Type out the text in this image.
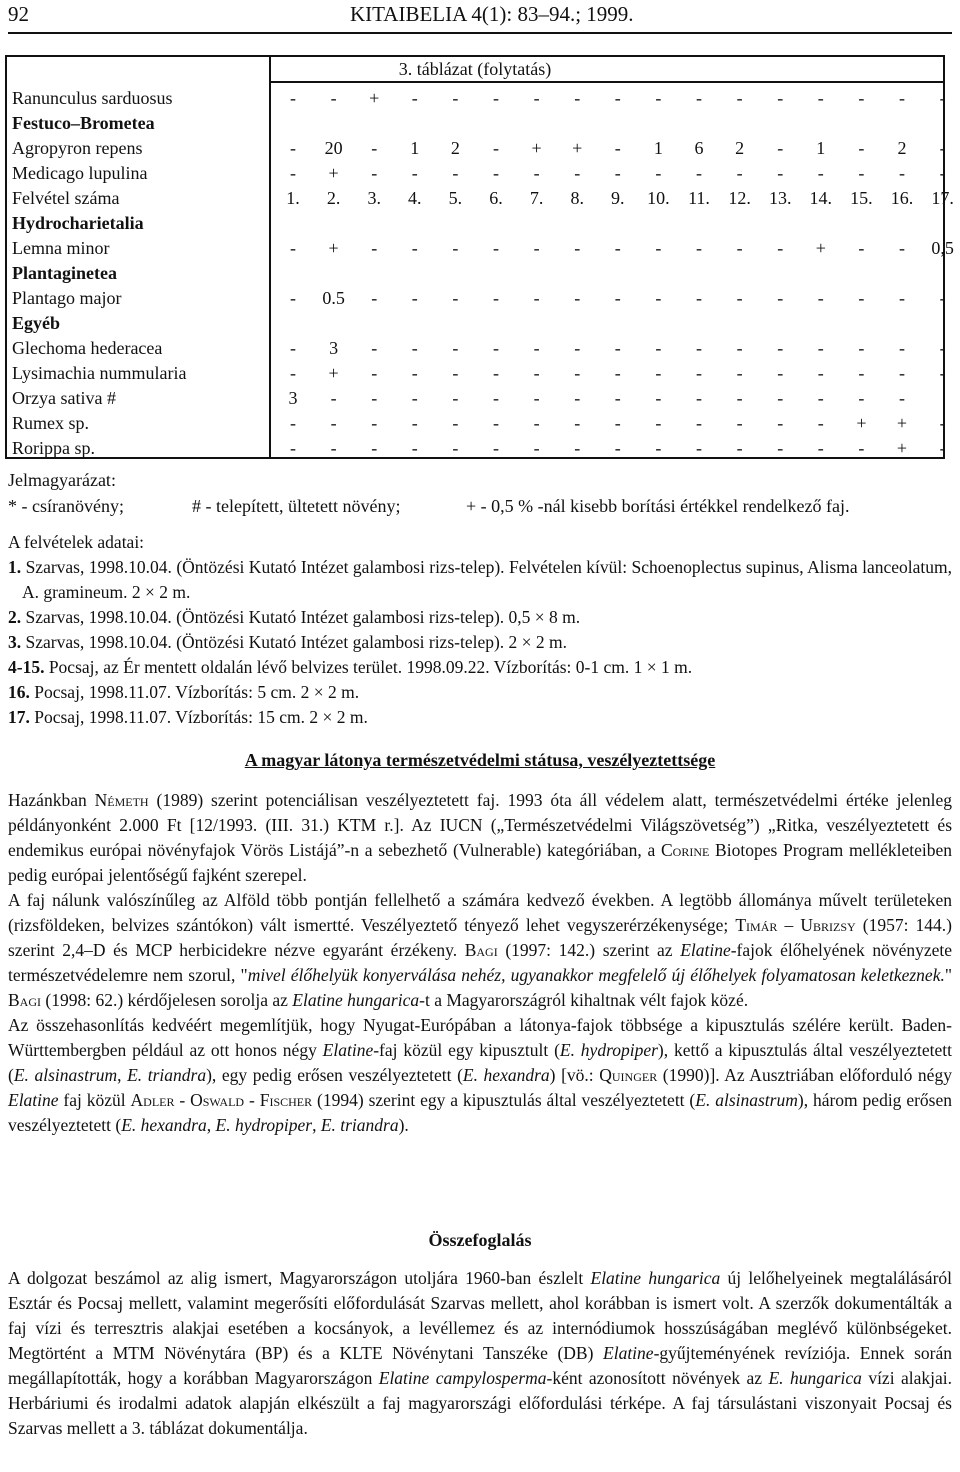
92	KITAIBELIA 4(1): 83–94.; 1999.
3. táblázat (folytatás)
Ranunculus sarduosus	-	-	+	-	-	-	-	-	-	-	-	-	-	-	-	-	-
Festuco–Brometea
Agropyron repens	-	20	-	1	2	-	+	+	-	1	6	2	-	1	-	2	-
Medicago lupulina	-	+	-	-	-	-	-	-	-	-	-	-	-	-	-	-	-
Felvétel száma	1.	2.	3.	4.	5.	6.	7.	8.	9.	10.	11.	12.	13.	14.	15.	16.	17.
Hydrocharietalia
Lemna minor	-	+	-	-	-	-	-	-	-	-	-	-	-	+	-	-	0,5
Plantaginetea
Plantago major	-	0.5	-	-	-	-	-	-	-	-	-	-	-	-	-	-	-
Egyéb
Glechoma hederacea	-	3	-	-	-	-	-	-	-	-	-	-	-	-	-	-	-
Lysimachia nummularia	-	+	-	-	-	-	-	-	-	-	-	-	-	-	-	-	-
Orzya sativa #	3	-	-	-	-	-	-	-	-	-	-	-	-	-	-	-
Rumex sp.	-	-	-	-	-	-	-	-	-	-	-	-	-	-	+	+	-
Rorippa sp.	-	-	-	-	-	-	-	-	-	-	-	-	-	-	-	+	-
Jelmagyarázat:
* - csíranövény;	# - telepített, ültetett növény;	+ - 0,5 % -nál kisebb borítási értékkel rendelkező faj.

A felvételek adatai:

1. Szarvas, 1998.10.04. (Öntözési Kutató Intézet galambosi rizs-telep). Felvételen kívül: Schoenoplectus supinus, Alisma lanceolatum, A. gramineum. 2 × 2 m.

2. Szarvas, 1998.10.04. (Öntözési Kutató Intézet galambosi rizs-telep). 0,5 × 8 m.

3. Szarvas, 1998.10.04. (Öntözési Kutató Intézet galambosi rizs-telep). 2 × 2 m.

4-15. Pocsaj, az Ér mentett oldalán lévő belvizes terület. 1998.09.22. Vízborítás: 0-1 cm. 1 × 1 m.

16. Pocsaj, 1998.11.07. Vízborítás: 5 cm. 2 × 2 m.

17. Pocsaj, 1998.11.07. Vízborítás: 15 cm. 2 × 2 m.

A magyar látonya természetvédelmi státusa, veszélyeztettsége

Hazánkban Németh (1989) szerint potenciálisan veszélyeztetett faj. 1993 óta áll védelem alatt, természetvédelmi értéke jelenleg példányonként 2.000 Ft [12/1993. (III. 31.) KTM r.]. Az IUCN („Természetvédelmi Világszövetség”) „Ritka, veszélyeztetett és endemikus európai növényfajok Vörös Listájá”-n a sebezhető (Vulnerable) kategóriában, a Corine Biotopes Program mellékleteiben pedig európai jelentőségű fajként szerepel.

A faj nálunk valószínűleg az Alföld több pontján fellelhető a számára kedvező években. A legtöbb állománya művelt területeken (rizsföldeken, belvizes szántókon) vált ismertté. Veszélyeztető tényező lehet vegyszerérzékenysége; Timár – Ubrizsy (1957: 144.) szerint 2,4–D és MCP herbicidekre nézve egyaránt érzékeny. Bagi (1997: 142.) szerint az Elatine-fajok élőhelyének növényzete természetvédelemre nem szorul, "mivel élőhelyük konyerválása nehéz, ugyanakkor megfelelő új élőhelyek folyamatosan keletkeznek." Bagi (1998: 62.) kérdőjelesen sorolja az Elatine hungarica-t a Magyarországról kihaltnak vélt fajok közé.

Az összehasonlítás kedvéért megemlítjük, hogy Nyugat-Európában a látonya-fajok többsége a kipusztulás szélére került. Baden-Württembergben például az ott honos négy Elatine-faj közül egy kipusztult (E. hydropiper), kettő a kipusztulás által veszélyeztetett (E. alsinastrum, E. triandra), egy pedig erősen veszélyeztetett (E. hexandra) [vö.: Quinger (1990)]. Az Ausztriában előforduló négy Elatine faj közül Adler - Oswald - Fischer (1994) szerint egy a kipusztulás által veszélyeztetett (E. alsinastrum), három pedig erősen veszélyeztetett (E. hexandra, E. hydropiper, E. triandra).

Összefoglalás

A dolgozat beszámol az alig ismert, Magyarországon utoljára 1960-ban észlelt Elatine hungarica új lelőhelyeinek megtalálásáról Esztár és Pocsaj mellett, valamint megerősíti előfordulását Szarvas mellett, ahol korábban is ismert volt. A szerzők dokumentálták a faj vízi és terresztris alakjai esetében a kocsányok, a levéllemez és az internódiumok hosszúságában meglévő különbségeket. Megtörtént a MTM Növénytára (BP) és a KLTE Növénytani Tanszéke (DB) Elatine-gyűjteményének revíziója. Ennek során megállapították, hogy a korábban Magyarországon Elatine campylosperma-ként azonosított növények az E. hungarica vízi alakjai. Herbáriumi és irodalmi adatok alapján elkészült a faj magyarországi előfordulási térképe. A faj társulástani viszonyait Pocsaj és Szarvas mellett a 3. táblázat dokumentálja.
